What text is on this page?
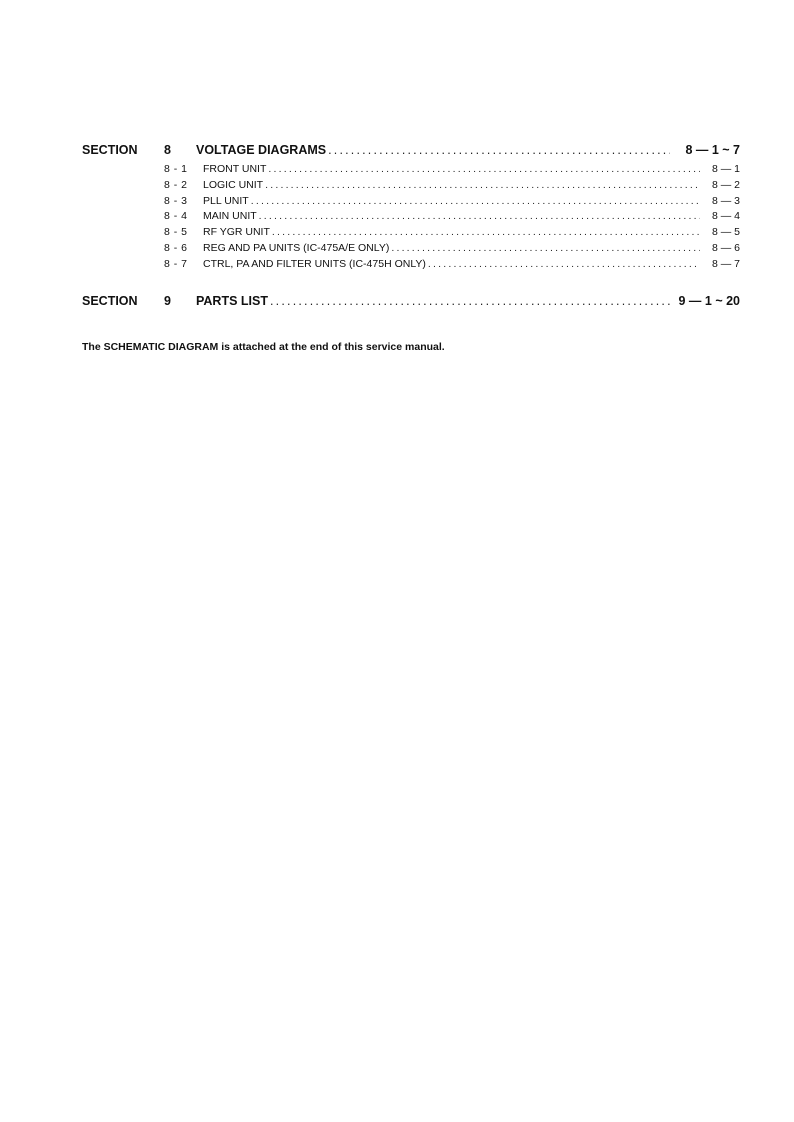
SECTION	8	VOLTAGE DIAGRAMS .....	8 — 1 ~ 7
8 - 1	FRONT UNIT .....	8 — 1
8 - 2	LOGIC UNIT .....	8 — 2
8 - 3	PLL UNIT .....	8 — 3
8 - 4	MAIN UNIT .....	8 — 4
8 - 5	RF YGR UNIT .....	8 — 5
8 - 6	REG AND PA UNITS (IC-475A/E ONLY) .....	8 — 6
8 - 7	CTRL, PA AND FILTER UNITS (IC-475H ONLY) .....	8 — 7
SECTION	9	PARTS LIST .....	9 — 1 ~ 20
The SCHEMATIC DIAGRAM is attached at the end of this service manual.
